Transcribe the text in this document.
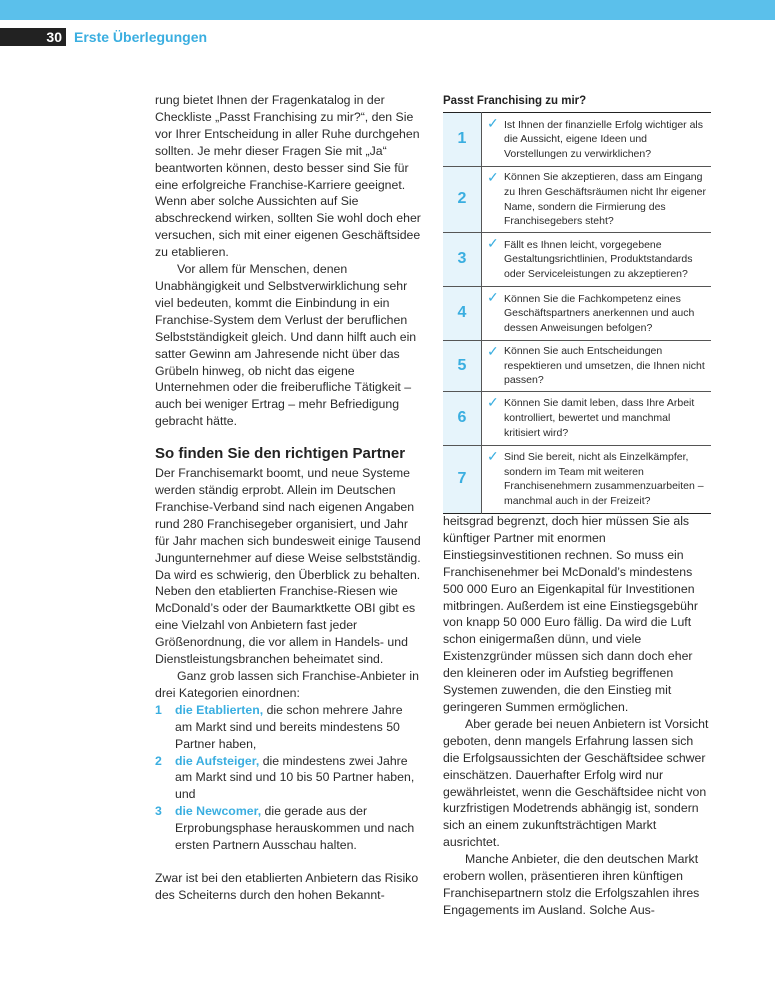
30 Erste Überlegungen

rung bietet Ihnen der Fragenkatalog in der Checkliste „Passt Franchising zu mir?“, den Sie vor Ihrer Entscheidung in aller Ruhe durchgehen sollten. Je mehr dieser Fragen Sie mit „Ja“ beantworten können, desto besser sind Sie für eine erfolgreiche Franchise-Karriere geeignet. Wenn aber solche Aussichten auf Sie abschreckend wirken, sollten Sie wohl doch eher versuchen, sich mit einer eigenen Geschäftsidee zu etablieren.

Vor allem für Menschen, denen Unabhängigkeit und Selbstverwirklichung sehr viel bedeuten, kommt die Einbindung in ein Franchise-System dem Verlust der beruflichen Selbstständigkeit gleich. Und dann hilft auch ein satter Gewinn am Jahresende nicht über das Grübeln hinweg, ob nicht das eigene Unternehmen oder die freiberufliche Tätigkeit – auch bei weniger Ertrag – mehr Befriedigung gebracht hätte.

So finden Sie den richtigen Partner

Der Franchisemarkt boomt, und neue Systeme werden ständig erprobt. Allein im Deutschen Franchise-Verband sind nach eigenen Angaben rund 280 Franchisegeber organisiert, und Jahr für Jahr machen sich bundesweit einige Tausend Jungunternehmer auf diese Weise selbstständig. Da wird es schwierig, den Überblick zu behalten. Neben den etablierten Franchise-Riesen wie McDonald’s oder der Baumarktkette OBI gibt es eine Vielzahl von Anbietern fast jeder Größenordnung, die vor allem in Handels- und Dienstleistungsbranchen beheimatet sind.

Ganz grob lassen sich Franchise-Anbieter in drei Kategorien einordnen:

1 die Etablierten, die schon mehrere Jahre am Markt sind und bereits mindestens 50 Partner haben,
2 die Aufsteiger, die mindestens zwei Jahre am Markt sind und 10 bis 50 Partner haben, und
3 die Newcomer, die gerade aus der Erprobungsphase herauskommen und nach ersten Partnern Ausschau halten.

Zwar ist bei den etablierten Anbietern das Risiko des Scheiterns durch den hohen Bekannt-

Passt Franchising zu mir?
1	✓ Ist Ihnen der finanzielle Erfolg wichtiger als die Aussicht, eigene Ideen und Vorstellungen zu verwirklichen?
2	✓ Können Sie akzeptieren, dass am Eingang zu Ihren Geschäftsräumen nicht Ihr eigener Name, sondern die Firmierung des Franchisegebers steht?
3	✓ Fällt es Ihnen leicht, vorgegebene Gestaltungsrichtlinien, Produktstandards oder Serviceleistungen zu akzeptieren?
4	✓ Können Sie die Fachkompetenz eines Geschäftspartners anerkennen und auch dessen Anweisungen befolgen?
5	✓ Können Sie auch Entscheidungen respektieren und umsetzen, die Ihnen nicht passen?
6	✓ Können Sie damit leben, dass Ihre Arbeit kontrolliert, bewertet und manchmal kritisiert wird?
7	✓ Sind Sie bereit, nicht als Einzelkämpfer, sondern im Team mit weiteren Franchisenehmern zusammenzuarbeiten – manchmal auch in der Freizeit?

heitsgrad begrenzt, doch hier müssen Sie als künftiger Partner mit enormen Einstiegsinvestitionen rechnen. So muss ein Franchisenehmer bei McDonald’s mindestens 500 000 Euro an Eigenkapital für Investitionen mitbringen. Außerdem ist eine Einstiegsgebühr von knapp 50 000 Euro fällig. Da wird die Luft schon einigermaßen dünn, und viele Existenzgründer müssen sich dann doch eher den kleineren oder im Aufstieg begriffenen Systemen zuwenden, die den Einstieg mit geringeren Summen ermöglichen.

Aber gerade bei neuen Anbietern ist Vorsicht geboten, denn mangels Erfahrung lassen sich die Erfolgsaussichten der Geschäftsidee schwer einschätzen. Dauerhafter Erfolg wird nur gewährleistet, wenn die Geschäftsidee nicht von kurzfristigen Modetrends abhängig ist, sondern sich an einem zukunftsträchtigen Markt ausrichtet.

Manche Anbieter, die den deutschen Markt erobern wollen, präsentieren ihren künftigen Franchisepartnern stolz die Erfolgszahlen ihres Engagements im Ausland. Solche Aus-
